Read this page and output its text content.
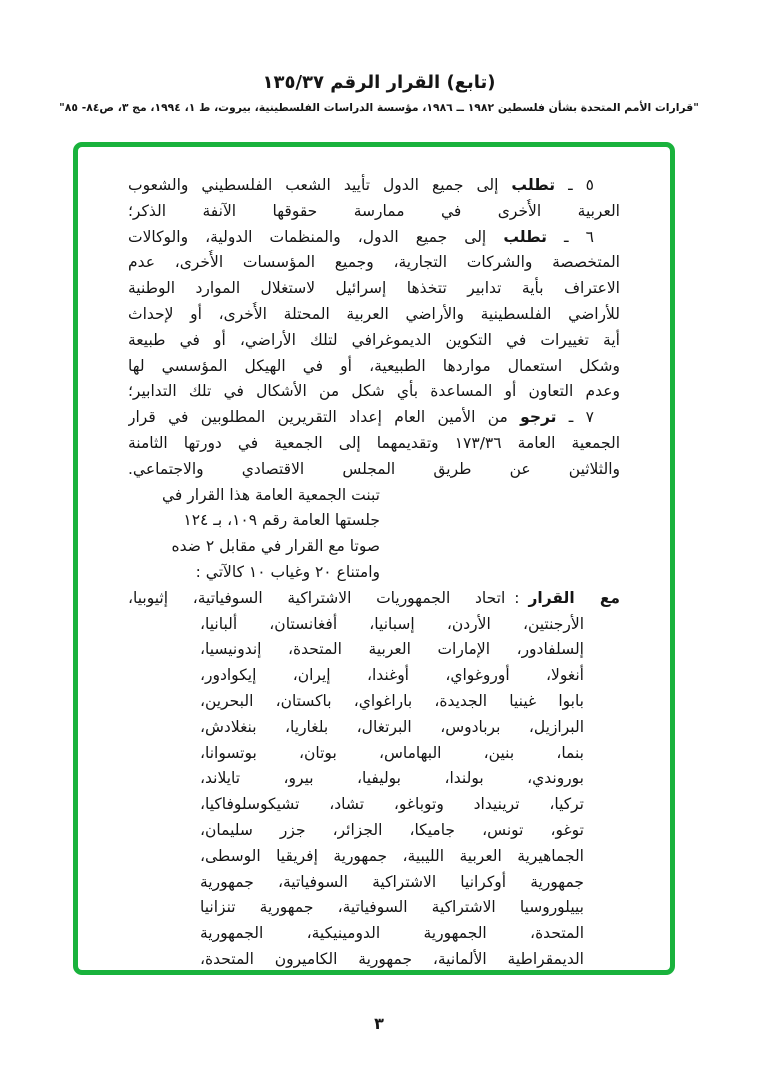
(تابع) القرار الرقم ١٣٥/٣٧
"قرارات الأمم المتحدة بشأن فلسطين ١٩٨٢ ــ ١٩٨٦، مؤسسة الدراسات الفلسطينية، بيروت، ط ١، ١٩٩٤، مج ٣، ص٨٤- ٨٥"
٥ ـ تطلب إلى جميع الدول تأييد الشعب الفلسطيني والشعوب
العربية الأُخرى في ممارسة حقوقها الآنفة الذكر؛
٦ ـ تطلب إلى جميع الدول، والمنظمات الدولية، والوكالات
المتخصصة والشركات التجارية، وجميع المؤسسات الأُخرى، عدم
الاعتراف بأية تدابير تتخذها إسرائيل لاستغلال الموارد الوطنية
للأراضي الفلسطينية والأراضي العربية المحتلة الأُخرى، أو لإحداث
أية تغييرات في التكوين الديموغرافي لتلك الأراضي، أو في طبيعة
وشكل استعمال مواردها الطبيعية، أو في الهيكل المؤسسي لها
وعدم التعاون أو المساعدة بأي شكل من الأشكال في تلك التدابير؛
٧ ـ ترجو من الأمين العام إعداد التقريرين المطلوبين في قرار
الجمعية العامة ١٧٣/٣٦ وتقديمهما إلى الجمعية في دورتها الثامنة
والثلاثين عن طريق المجلس الاقتصادي والاجتماعي.
تبنت الجمعية العامة هذا القرار في
جلستها العامة رقم ١٠٩، بـ ١٢٤
صوتا مع القرار في مقابل ٢ ضده
وامتناع ٢٠ وغياب ١٠ كالآتي :
مع القرار:اتحاد الجمهوريات الاشتراكية السوفياتية، إثيوبيا،
الأرجنتين، الأردن، إسبانيا، أفغانستان، ألبانيا،
إلسلفادور، الإمارات العربية المتحدة، إندونيسيا،
أنغولا، أوروغواي، أوغندا، إيران، إيكوادور،
بابوا غينيا الجديدة، باراغواي، باكستان، البحرين،
البرازيل، بربادوس، البرتغال، بلغاريا، بنغلادش،
بنما، بنين، البهاماس، بوتان، بوتسوانا،
بوروندي، بولندا، بوليفيا، بيرو، تايلاند،
تركيا، ترينيداد وتوباغو، تشاد، تشيكوسلوفاكيا،
توغو، تونس، جاميكا، الجزائر، جزر سليمان،
الجماهيرية العربية الليبية، جمهورية إفريقيا الوسطى،
جمهورية أوكرانيا الاشتراكية السوفياتية، جمهورية
بييلوروسيا الاشتراكية السوفياتية، جمهورية تنزانيا
المتحدة، الجمهورية الدومينيكية، الجمهورية
الديمقراطية الألمانية، جمهورية الكاميرون المتحدة،
٣
